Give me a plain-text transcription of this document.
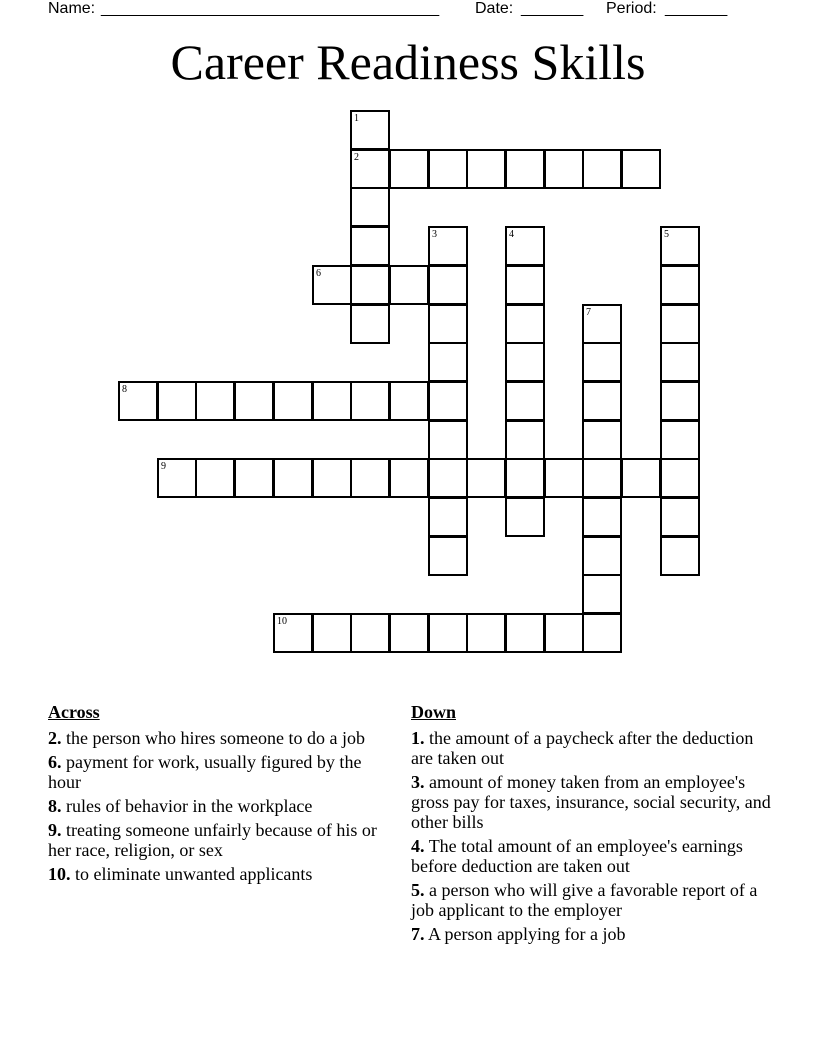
Name: ______________________________________ Date: _______ Period: _______
Career Readiness Skills
1
2
3	4	5
6
7
8
9
10
Across
2. the person who hires someone to do a job
6. payment for work, usually figured by the hour
8. rules of behavior in the workplace
9. treating someone unfairly because of his or her race, religion, or sex
10. to eliminate unwanted applicants
Down
1. the amount of a paycheck after the deduction are taken out
3. amount of money taken from an employee's gross pay for taxes, insurance, social security, and other bills
4. The total amount of an employee's earnings before deduction are taken out
5. a person who will give a favorable report of a job applicant to the employer
7. A person applying for a job
